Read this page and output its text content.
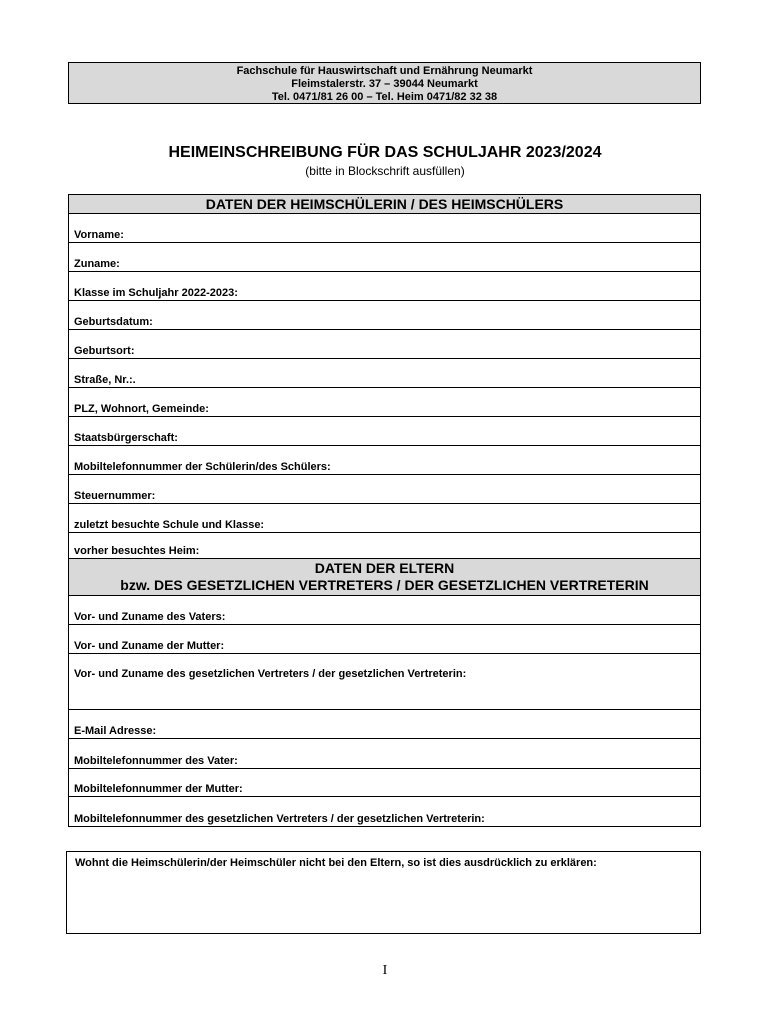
Fachschule für Hauswirtschaft und Ernährung Neumarkt
Fleimstalerstr. 37 – 39044 Neumarkt
Tel. 0471/81 26 00 – Tel. Heim 0471/82 32 38
HEIMEINSCHREIBUNG FÜR DAS SCHULJAHR 2023/2024
(bitte in Blockschrift ausfüllen)
DATEN DER HEIMSCHÜLERIN / DES HEIMSCHÜLERS
Vorname:
Zuname:
Klasse im Schuljahr 2022-2023:
Geburtsdatum:
Geburtsort:
Straße, Nr.:.
PLZ, Wohnort, Gemeinde:
Staatsbürgerschaft:
Mobiltelefonnummer der Schülerin/des Schülers:
Steuernummer:
zuletzt besuchte Schule und Klasse:
vorher besuchtes Heim:
DATEN DER ELTERN
bzw. DES GESETZLICHEN VERTRETERS / DER GESETZLICHEN VERTRETERIN
Vor- und Zuname des Vaters:
Vor- und Zuname der Mutter:
Vor- und Zuname des gesetzlichen Vertreters / der gesetzlichen Vertreterin:
E-Mail Adresse:
Mobiltelefonnummer des Vater:
Mobiltelefonnummer der Mutter:
Mobiltelefonnummer des gesetzlichen Vertreters / der gesetzlichen Vertreterin:
Wohnt die Heimschülerin/der Heimschüler nicht bei den Eltern, so ist dies ausdrücklich zu erklären:
I
